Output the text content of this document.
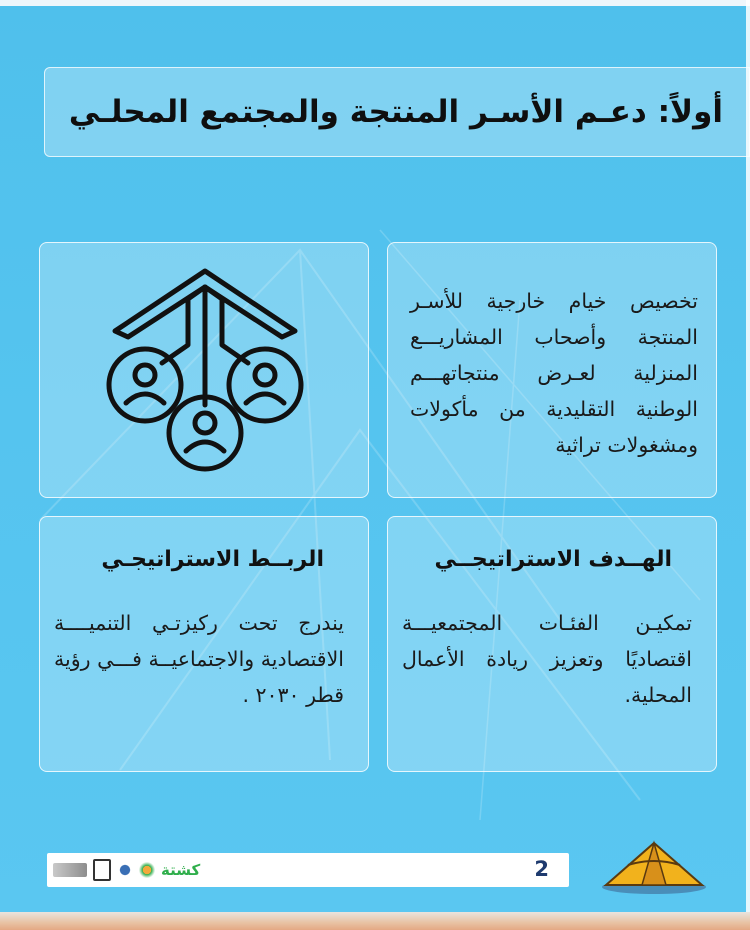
أولاً: دعـم الأسـر المنتجة والمجتمع المحلـي

تخصيص خيام خارجية للأسـر المنتجة وأصحاب المشاريـــع المنزلية لعـرض منتجاتهـــم الوطنية التقليدية من مأكولات ومشغولات تراثية

الهــدف الاستراتيجــي

تمكيـن الفئـات المجتمعيـــة اقتصاديًا وتعزيز ريادة الأعمال المحلية.

الربــط الاستراتيجـي

يندرج تحت ركيزتـي التنميــــة الاقتصادية والاجتماعيــة فـــي رؤية قطر ٢٠٣٠ .

كشتة	2
